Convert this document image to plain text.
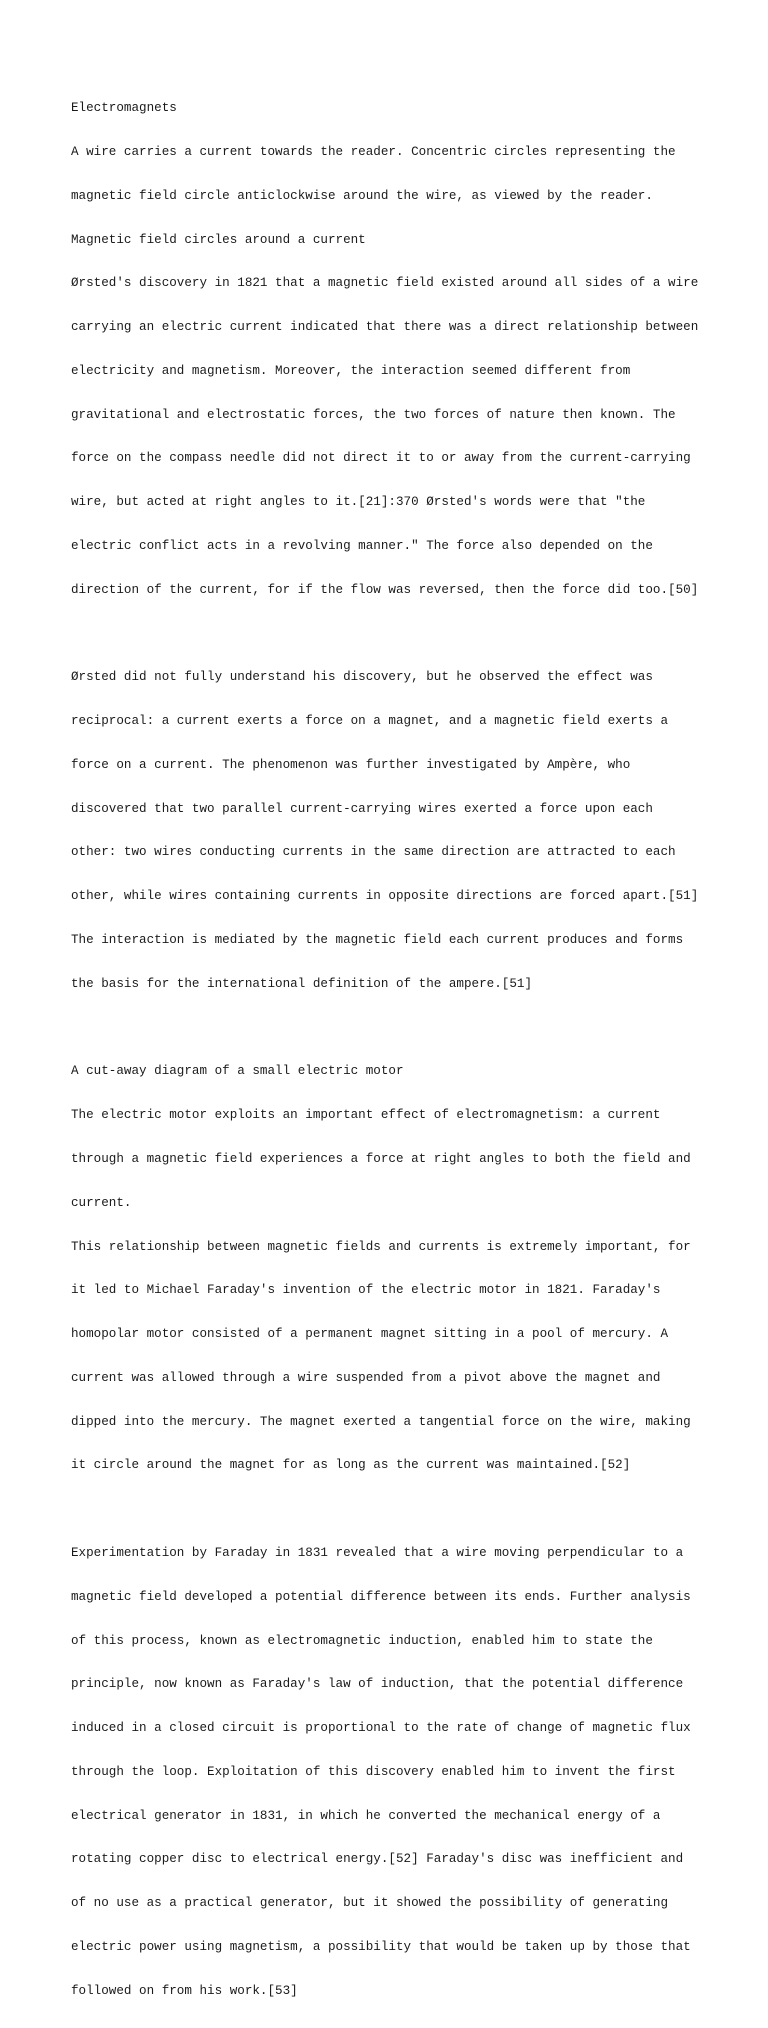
Electromagnets

A wire carries a current towards the reader. Concentric circles representing the

magnetic field circle anticlockwise around the wire, as viewed by the reader.

Magnetic field circles around a current

Ørsted's discovery in 1821 that a magnetic field existed around all sides of a wire

carrying an electric current indicated that there was a direct relationship between

electricity and magnetism. Moreover, the interaction seemed different from

gravitational and electrostatic forces, the two forces of nature then known. The

force on the compass needle did not direct it to or away from the current-carrying

wire, but acted at right angles to it.[21]:370 Ørsted's words were that "the

electric conflict acts in a revolving manner." The force also depended on the

direction of the current, for if the flow was reversed, then the force did too.[50]

Ørsted did not fully understand his discovery, but he observed the effect was

reciprocal: a current exerts a force on a magnet, and a magnetic field exerts a

force on a current. The phenomenon was further investigated by Ampère, who

discovered that two parallel current-carrying wires exerted a force upon each

other: two wires conducting currents in the same direction are attracted to each

other, while wires containing currents in opposite directions are forced apart.[51]

The interaction is mediated by the magnetic field each current produces and forms

the basis for the international definition of the ampere.[51]

A cut-away diagram of a small electric motor

The electric motor exploits an important effect of electromagnetism: a current

through a magnetic field experiences a force at right angles to both the field and

current.

This relationship between magnetic fields and currents is extremely important, for

it led to Michael Faraday's invention of the electric motor in 1821. Faraday's

homopolar motor consisted of a permanent magnet sitting in a pool of mercury. A

current was allowed through a wire suspended from a pivot above the magnet and

dipped into the mercury. The magnet exerted a tangential force on the wire, making

it circle around the magnet for as long as the current was maintained.[52]

Experimentation by Faraday in 1831 revealed that a wire moving perpendicular to a

magnetic field developed a potential difference between its ends. Further analysis

of this process, known as electromagnetic induction, enabled him to state the

principle, now known as Faraday's law of induction, that the potential difference

induced in a closed circuit is proportional to the rate of change of magnetic flux

through the loop. Exploitation of this discovery enabled him to invent the first

electrical generator in 1831, in which he converted the mechanical energy of a

rotating copper disc to electrical energy.[52] Faraday's disc was inefficient and

of no use as a practical generator, but it showed the possibility of generating

electric power using magnetism, a possibility that would be taken up by those that

followed on from his work.[53]
